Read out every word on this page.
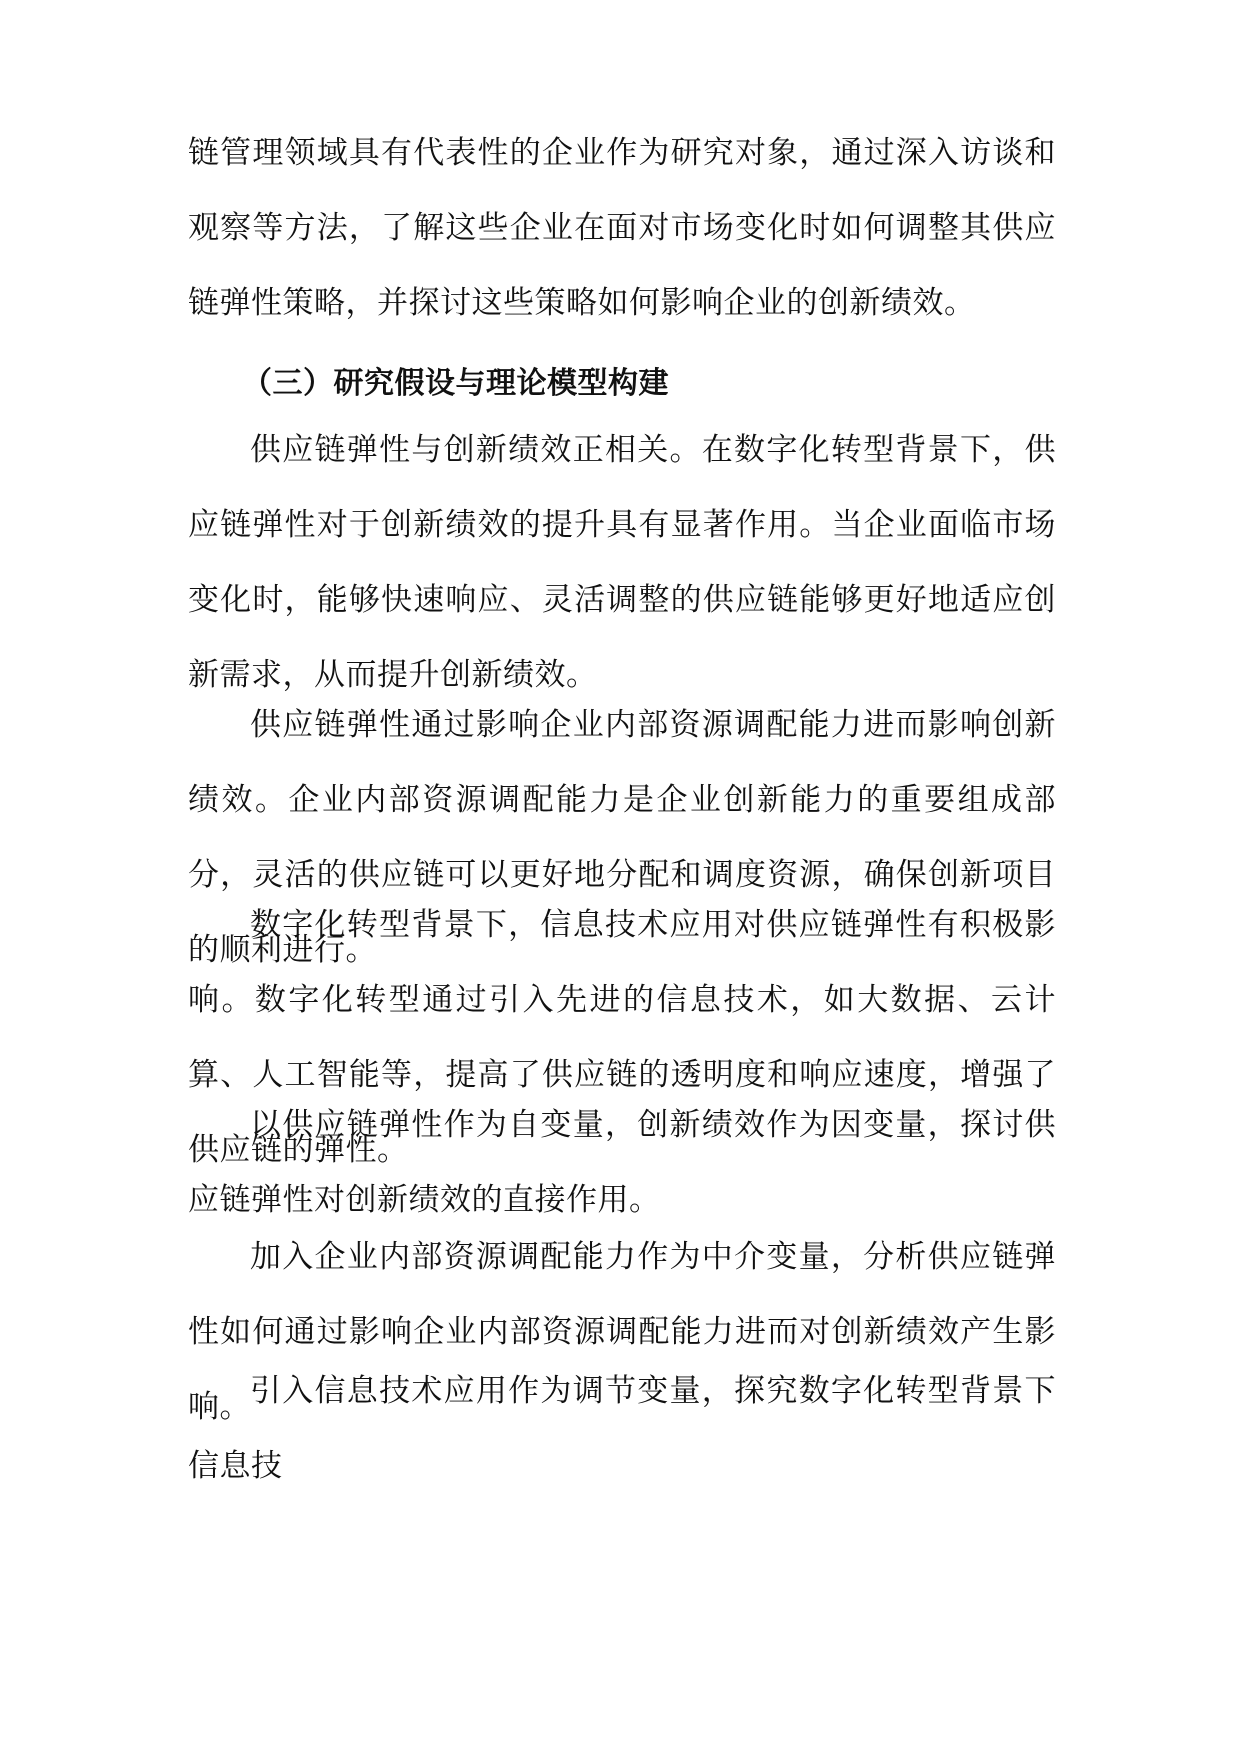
链管理领域具有代表性的企业作为研究对象，通过深入访谈和观察等方法，了解这些企业在面对市场变化时如何调整其供应链弹性策略，并探讨这些策略如何影响企业的创新绩效。

（三）研究假设与理论模型构建

供应链弹性与创新绩效正相关。在数字化转型背景下，供应链弹性对于创新绩效的提升具有显著作用。当企业面临市场变化时，能够快速响应、灵活调整的供应链能够更好地适应创新需求，从而提升创新绩效。

供应链弹性通过影响企业内部资源调配能力进而影响创新绩效。企业内部资源调配能力是企业创新能力的重要组成部分，灵活的供应链可以更好地分配和调度资源，确保创新项目的顺利进行。

数字化转型背景下，信息技术应用对供应链弹性有积极影响。数字化转型通过引入先进的信息技术，如大数据、云计算、人工智能等，提高了供应链的透明度和响应速度，增强了供应链的弹性。

以供应链弹性作为自变量，创新绩效作为因变量，探讨供应链弹性对创新绩效的直接作用。

加入企业内部资源调配能力作为中介变量，分析供应链弹性如何通过影响企业内部资源调配能力进而对创新绩效产生影响。 引入信息技术应用作为调节变量，探究数字化转型背景下信息技
